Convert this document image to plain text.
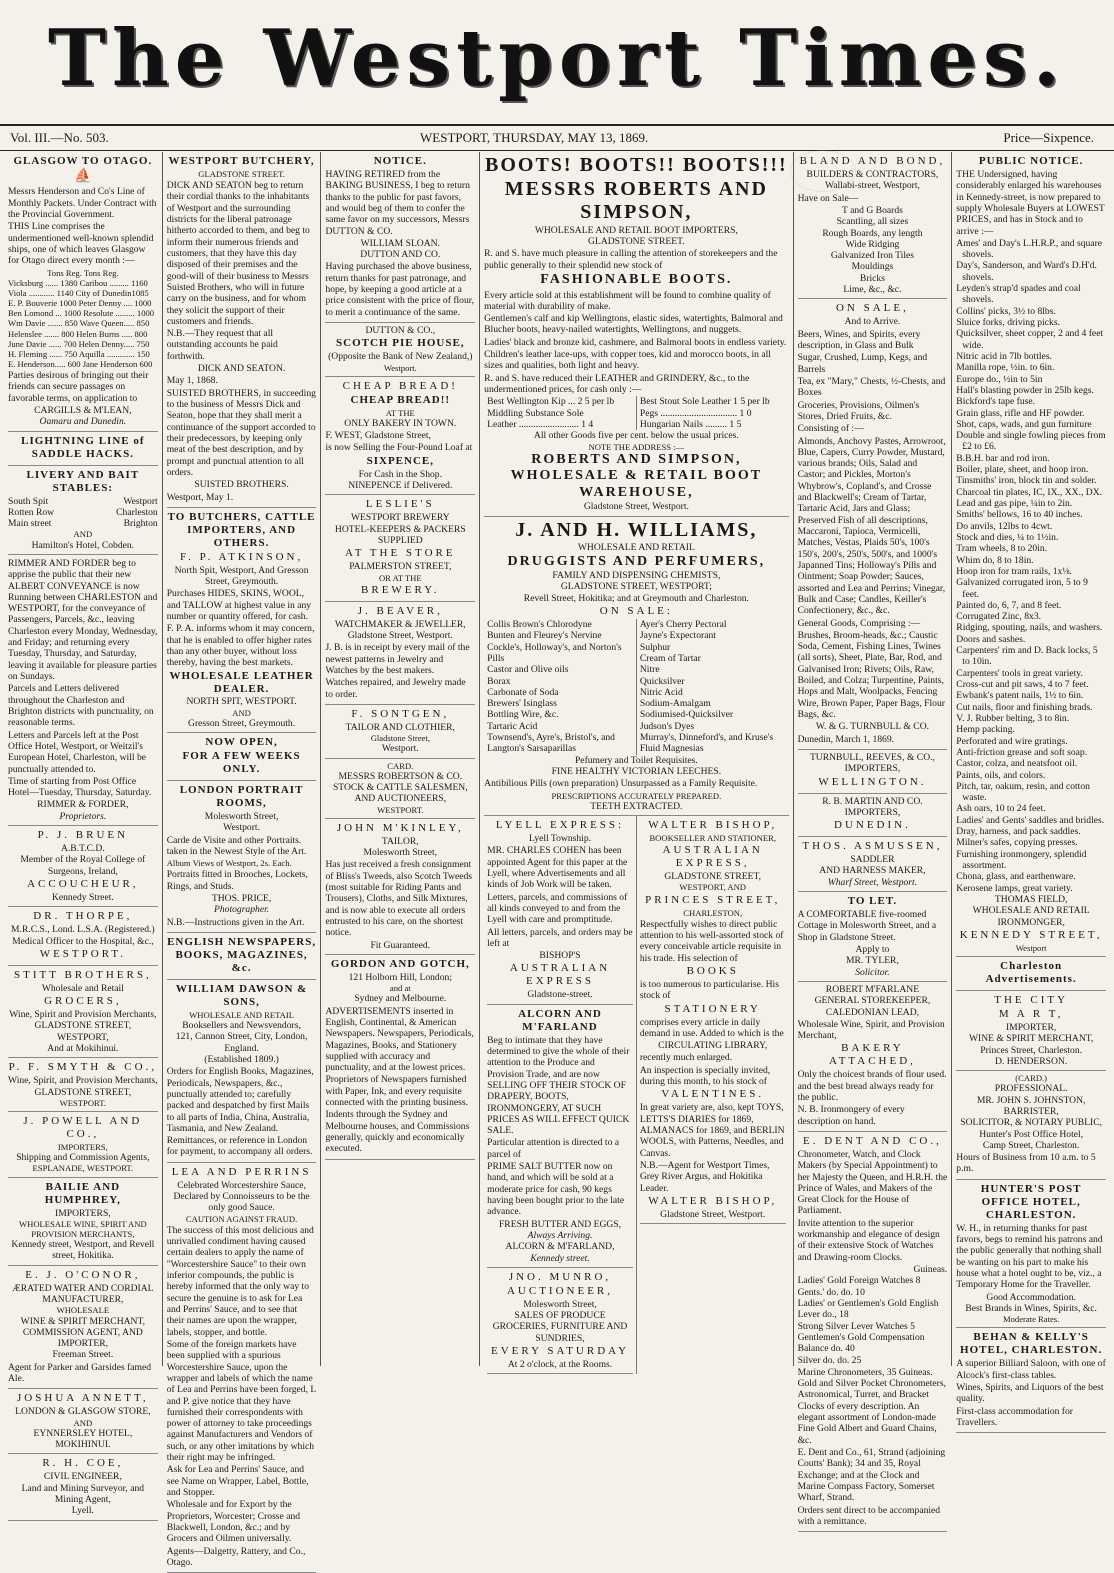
The Westport Times.
Vol. III.—No. 503.	WESTPORT, THURSDAY, MAY 13, 1869.	Price—Sixpence.
GLASGOW TO OTAGO.
⛵
Messrs Henderson and Co's Line of Monthly Packets. Under Contract with the Provincial Government.
THIS Line comprises the undermentioned well-known splendid ships, one of which leaves Glasgow for Otago direct every month :—
Tons Reg. Tons Reg.
Vicksburg ...... 1380 Caribou ......... 1160
Viola ............ 1140 City of Dunedin1085
E. P. Bouverie 1000 Peter Denny .... 1000
Ben Lomond ... 1000 Resolute ......... 1000
Wm Davie ....... 850 Wave Queen..... 850
Helenslee ....... 800 Helen Burns ..... 800
June Davie ...... 700 Helen Denny..... 750
H. Fleming ...... 750 Aquilla ............. 150
E. Henderson..... 600 Jane Henderson 600
Parties desirous of bringing out their friends can secure passages on favorable terms, on application to
CARGILLS & M'LEAN,
Oamaru and Dunedin.
LIGHTNING LINE of SADDLE HACKS.
LIVERY AND BAIT STABLES:
South Spit	Westport
Rotten Row	Charleston
Main street	Brighton
AND
Hamilton's Hotel, Cobden.
RIMMER AND FORDER beg to apprise the public that their new ALBERT CONVEYANCE is now Running between CHARLESTON and WESTPORT, for the conveyance of Passengers, Parcels, &c., leaving Charleston every Monday, Wednesday, and Friday; and returning every Tuesday, Thursday, and Saturday, leaving it available for pleasure parties on Sundays.
Parcels and Letters delivered throughout the Charleston and Brighton districts with punctuality, on reasonable terms.
Letters and Parcels left at the Post Office Hotel, Westport, or Weitzil's European Hotel, Charleston, will be punctually attended to.
Time of starting from Post Office Hotel—Tuesday, Thursday, Saturday.
RIMMER & FORDER,
Proprietors.
P. J. BRUEN
A.B.T.C.D.
Member of the Royal College of Surgeons, Ireland,
ACCOUCHEUR,
Kennedy Street.
DR. THORPE,
M.R.C.S., Lond. L.S.A. (Registered.) Medical Officer to the Hospital, &c.,
WESTPORT.
STITT BROTHERS,
Wholesale and Retail
GROCERS,
Wine, Spirit and Provision Merchants,
GLADSTONE STREET, WESTPORT,
And at Mokihinui.
P. F. SMYTH & CO.,
Wine, Spirit, and Provision Merchants,
GLADSTONE STREET,
WESTPORT.
J. POWELL AND CO.,
IMPORTERS,
Shipping and Commission Agents,
ESPLANADE, WESTPORT.
BAILIE AND HUMPHREY,
IMPORTERS,
WHOLESALE WINE, SPIRIT AND PROVISION MERCHANTS,
Kennedy street, Westport, and Revell street, Hokitika.
E. J. O'CONOR,
ÆRATED WATER AND CORDIAL MANUFACTURER,
WHOLESALE
WINE & SPIRIT MERCHANT, COMMISSION AGENT, AND IMPORTER,
Freeman Street.
Agent for Parker and Garsides famed Ale.
JOSHUA ANNETT,
LONDON & GLASGOW STORE,
AND
EYNNERSLEY HOTEL,
MOKIHINUI.
R. H. COE,
CIVIL ENGINEER,
Land and Mining Surveyor, and
Mining Agent,
Lyell.
WESTPORT BUTCHERY,
GLADSTONE STREET.
DICK AND SEATON beg to return their cordial thanks to the inhabitants of Westport and the surrounding districts for the liberal patronage hitherto accorded to them, and beg to inform their numerous friends and customers, that they have this day disposed of their premises and the good-will of their business to Messrs Suisted Brothers, who will in future carry on the business, and for whom they solicit the support of their customers and friends.
N.B.—They request that all outstanding accounts be paid forthwith.
DICK AND SEATON.
May 1, 1868.
SUISTED BROTHERS, in succeeding to the business of Messrs Dick and Seaton, hope that they shall merit a continuance of the support accorded to their predecessors, by keeping only meat of the best description, and by prompt and punctual attention to all orders.
SUISTED BROTHERS.
Westport, May 1.
TO BUTCHERS, CATTLE IMPORTERS, AND OTHERS.
F. P. ATKINSON,
North Spit, Westport, And Gresson Street, Greymouth.
Purchases HIDES, SKINS, WOOL, and TALLOW at highest value in any number or quantity offered, for cash.
F. P. A. informs whom it may concern, that he is enabled to offer higher rates than any other buyer, without loss thereby, having the best markets.
WHOLESALE LEATHER DEALER.
NORTH SPIT, WESTPORT.
AND
Gresson Street, Greymouth.
NOW OPEN,
FOR A FEW WEEKS ONLY.
LONDON PORTRAIT ROOMS,
Molesworth Street,
Westport.
Carde de Visite and other Portraits. taken in the Newest Style of the Art.
Album Views of Westport, 2s. Each.
Portraits fitted in Brooches, Lockets, Rings, and Studs.
THOS. PRICE,
Photographer.
N.B.—Instructions given in the Art.
ENGLISH NEWSPAPERS, BOOKS, MAGAZINES, &c.
WILLIAM DAWSON & SONS,
WHOLESALE AND RETAIL
Booksellers and Newsvendors,
121, Cannon Street, City, London, England.
(Established 1809.)
Orders for English Books, Magazines, Periodicals, Newspapers, &c., punctually attended to; carefully packed and despatched by first Mails to all parts of India, China, Australia, Tasmania, and New Zealand.
Remittances, or reference in London for payment, to accompany all orders.
LEA AND PERRINS
Celebrated Worcestershire Sauce, Declared by Connoisseurs to be the only good Sauce.
CAUTION AGAINST FRAUD.
The success of this most delicious and unrivalled condiment having caused certain dealers to apply the name of "Worcestershire Sauce" to their own inferior compounds, the public is hereby informed that the only way to secure the genuine is to ask for Lea and Perrins' Sauce, and to see that their names are upon the wrapper, labels, stopper, and bottle.
Some of the foreign markets have been supplied with a spurious Worcestershire Sauce, upon the wrapper and labels of which the name of Lea and Perrins have been forged, L and P. give notice that they have furnished their correspondents with power of attorney to take proceedings against Manufacturers and Vendors of such, or any other imitations by which their right may be infringed.
Ask for Lea and Perrins' Sauce, and see Name on Wrapper, Label, Bottle, and Stopper.
Wholesale and for Export by the Proprietors, Worcester; Crosse and Blackwell, London, &c.; and by Grocers and Oilmen universally.
Agents—Dalgetty, Rattery, and Co., Otago.
NOTICE.
HAVING RETIRED from the BAKING BUSINESS, I beg to return thanks to the public for past favors, and would beg of them to confer the same favor on my successors, Messrs DUTTON & CO.
WILLIAM SLOAN.
DUTTON AND CO.
Having purchased the above business, return thanks for past patronage, and hope, by keeping a good article at a price consistent with the price of flour, to merit a continuance of the same.
DUTTON & CO.,
SCOTCH PIE HOUSE,
(Opposite the Bank of New Zealand,)
Westport.
CHEAP BREAD!
CHEAP BREAD!!
AT THE
ONLY BAKERY IN TOWN.
F. WEST, Gladstone Street,
is now Selling the Four-Pound Loaf at
SIXPENCE,
For Cash in the Shop.
NINEPENCE if Delivered.
LESLIE'S
WESTPORT BREWERY
HOTEL-KEEPERS & PACKERS
SUPPLIED
AT THE STORE
PALMERSTON STREET,
OR AT THE
BREWERY.
J. BEAVER,
WATCHMAKER & JEWELLER,
Gladstone Street, Westport.
J. B. is in receipt by every mail of the newest patterns in Jewelry and Watches by the best makers.
Watches repaired, and Jewelry made to order.
F. SONTGEN,
TAILOR AND CLOTHIER,
Gladstone Street,
Westport.
CARD.
MESSRS ROBERTSON & CO.
STOCK & CATTLE SALESMEN,
AND AUCTIONEERS,
WESTPORT.
JOHN M'KINLEY,
TAILOR,
Molesworth Street,
Has just received a fresh consignment of Bliss's Tweeds, also Scotch Tweeds (most suitable for Riding Pants and Trousers), Cloths, and Silk Mixtures, and is now able to execute all orders entrusted to his care, on the shortest notice.
Fit Guaranteed.
GORDON AND GOTCH,
121 Holborn Hill, London;
and at
Sydney and Melbourne.
ADVERTISEMENTS inserted in English, Continental, & American Newspapers. Newspapers, Periodicals, Magazines, Books, and Stationery supplied with accuracy and punctuality, and at the lowest prices.
Proprietors of Newspapers furnished with Paper, Ink, and every requisite connected with the printing business.
Indents through the Sydney and Melbourne houses, and Commissions generally, quickly and economically executed.
BOOTS! BOOTS!! BOOTS!!!
MESSRS ROBERTS AND SIMPSON,
WHOLESALE AND RETAIL BOOT IMPORTERS,
GLADSTONE STREET.
R. and S. have much pleasure in calling the attention of storekeepers and the public generally to their splendid new stock of
FASHIONABLE BOOTS.
Every article sold at this establishment will be found to combine quality of material with durability of make.
Gentlemen's calf and kip Wellingtons, elastic sides, watertights, Balmoral and Blucher boots, heavy-nailed watertights, Wellingtons, and nuggets.
Ladies' black and bronze kid, cashmere, and Balmoral boots in endless variety.
Children's leather lace-ups, with copper toes, kid and morocco boots, in all sizes and qualities, both light and heavy.
R. and S. have reduced their LEATHER and GRINDERY, &c., to the undermentioned prices, for cash only :—
Best Wellington Kip ... 2 5 per lb
Middling Substance Sole
Leather ......................... 1 4
Best Stout Sole Leather 1 5 per lb
Pegs ................................ 1 0
Hungarian Nails ......... 1 5
All other Goods five per cent. below the usual prices.
NOTE THE ADDRESS :—
ROBERTS AND SIMPSON,
WHOLESALE & RETAIL BOOT WAREHOUSE,
Gladstone Street, Westport.
J. AND H. WILLIAMS,
WHOLESALE AND RETAIL
DRUGGISTS AND PERFUMERS,
FAMILY AND DISPENSING CHEMISTS,
GLADSTONE STREET, WESTPORT;
Revell Street, Hokitika; and at Greymouth and Charleston.
ON SALE:
Collis Brown's Chlorodyne
Bunten and Fleurey's Nervine
Cockle's, Holloway's, and Norton's Pills
Castor and Olive oils
Borax
Carbonate of Soda
Brewers' Isinglass
Bottling Wire, &c.
Tartaric Acid
Townsend's, Ayre's, Bristol's, and Langton's Sarsaparillas
Ayer's Cherry Pectoral
Jayne's Expectorant
Sulphur
Cream of Tartar
Nitre
Quicksilver
Nitric Acid
Sodium-Amalgam
Sodiumised-Quicksilver
Judson's Dyes
Murray's, Dinneford's, and Kruse's Fluid Magnesias
Pefumery and Toilet Requisites.
FINE HEALTHY VICTORIAN LEECHES.
Antibilious Pills (own preparation) Unsurpassed as a Family Requisite.
PRESCRIPTIONS ACCURATELY PREPARED.
TEETH EXTRACTED.
LYELL EXPRESS:
Lyell Township.
MR. CHARLES COHEN has been appointed Agent for this paper at the Lyell, where Advertisements and all kinds of Job Work will be taken.
Letters, parcels, and commissions of all kinds conveyed to and from the Lyell with care and promptitude.
All letters, parcels, and orders may be left at
BISHOP'S
AUSTRALIAN EXPRESS
Gladstone-street.
ALCORN AND M'FARLAND
Beg to intimate that they have determined to give the whole of their attention to the Produce and Provision Trade, and are now SELLING OFF THEIR STOCK OF DRAPERY, BOOTS, IRONMONGERY, AT SUCH PRICES AS WILL EFFECT QUICK SALE.
Particular attention is directed to a parcel of
PRIME SALT BUTTER now on hand, and which will be sold at a moderate price for cash, 90 kegs having been bought prior to the late advance.
FRESH BUTTER AND EGGS,
Always Arriving.
ALCORN & M'FARLAND,
Kennedy street.
JNO. MUNRO,
AUCTIONEER,
Molesworth Street,
SALES OF PRODUCE GROCERIES, FURNITURE AND SUNDRIES,
EVERY SATURDAY
At 2 o'clock, at the Rooms.
WALTER BISHOP,
BOOKSELLER AND STATIONER,
AUSTRALIAN EXPRESS,
GLADSTONE STREET,
WESTPORT, AND
PRINCES STREET,
CHARLESTON,
Respectfully wishes to direct public attention to his well-assorted stock of every conceivable article requisite in his trade. His selection of
BOOKS
is too numerous to particularise. His stock of
STATIONERY
comprises every article in daily demand in use. Added to which is the
CIRCULATING LIBRARY,
recently much enlarged.
An inspection is specially invited, during this month, to his stock of
VALENTINES.
In great variety are, also, kept TOYS, LETTS'S DIARIES for 1869, ALMANACS for 1869, and BERLIN WOOLS, with Patterns, Needles, and Canvas.
N.B.—Agent for Westport Times, Grey River Argus, and Hokitika Leader.
WALTER BISHOP,
Gladstone Street, Westport.
BLAND AND BOND,
BUILDERS & CONTRACTORS,
Wallabi-street, Westport,
Have on Sale—
T and G Boards
Scantling, all sizes
Rough Boards, any length
Wide Ridging
Galvanized Iron Tiles
Mouldings
Bricks
Lime, &c., &c.
ON SALE,
And to Arrive.
Beers, Wines, and Spirits, every description, in Glass and Bulk
Sugar, Crushed, Lump, Kegs, and Barrels
Tea, ex "Mary," Chests, ½-Chests, and Boxes
Groceries, Provisions, Oilmen's Stores, Dried Fruits, &c.
Consisting of :—
Almonds, Anchovy Pastes, Arrowroot, Blue, Capers, Curry Powder, Mustard, various brands; Oils, Salad and Castor; and Pickles, Morton's Whybrow's, Copland's, and Crosse and Blackwell's; Cream of Tartar, Tartaric Acid, Jars and Glass; Preserved Fish of all descriptions, Maccaroni, Tapioca, Vermicelli, Matches, Vestas, Plaids 50's, 100's 150's, 200's, 250's, 500's, and 1000's Japanned Tins; Holloway's Pills and Ointment; Soap Powder; Sauces, assorted and Lea and Perrins; Vinegar, Bulk and Case; Candles, Keiller's Confectionery, &c., &c.
General Goods, Comprising :—
Brushes, Broom-heads, &c.; Caustic Soda, Cement, Fishing Lines, Twines (all sorts), Sheet, Plate, Bar, Rod, and Galvanised Iron; Rivets; Oils, Raw, Boiled, and Colza; Turpentine, Paints, Hops and Malt, Woolpacks, Fencing Wire, Brown Paper, Paper Bags, Flour Bags, &c.
W. & G. TURNBULL & CO.
Dunedin, March 1, 1869.
TURNBULL, REEVES, & CO.,
IMPORTERS,
WELLINGTON.
R. B. MARTIN AND CO.
IMPORTERS,
DUNEDIN.
THOS. ASMUSSEN,
SADDLER
AND HARNESS MAKER,
Wharf Street, Westport.
TO LET.
A COMFORTABLE five-roomed Cottage in Molesworth Street, and a Shop in Gladstone Street.
Apply to
MR. TYLER,
Solicitor.
ROBERT M'FARLANE
GENERAL STOREKEEPER,
CALEDONIAN LEAD,
Wholesale Wine, Spirit, and Provision Merchant,
BAKERY ATTACHED,
Only the choicest brands of flour used. and the best bread always ready for the public.
N. B. Ironmongery of every description on hand.
E. DENT AND CO.,
Chronometer, Watch, and Clock Makers (by Special Appointment) to her Majesty the Queen, and H.R.H. the Prince of Wales, and Makers of the Great Clock for the House of Parliament.
Invite attention to the superior workmanship and elegance of design of their extensive Stock of Watches and Drawing-room Clocks.
Guineas.
Ladies' Gold Foreign Watches 8
Gents.' do. do. 10
Ladies' or Gentlemen's Gold English Lever do., 18
Strong Silver Lever Watches 5
Gentlemen's Gold Compensation Balance do. 40
Silver do. do. 25
Marine Chronometers, 35 Guineas. Gold and Silver Pocket Chronometers, Astronomical, Turret, and Bracket Clocks of every description. An elegant assortment of London-made Fine Gold Albert and Guard Chains, &c.
E. Dent and Co., 61, Strand (adjoining Coutts' Bank); 34 and 35, Royal Exchange; and at the Clock and Marine Compass Factory, Somerset Wharf, Strand.
Orders sent direct to be accompanied with a remittance.
PUBLIC NOTICE.
THE Undersigned, having considerably enlarged his warehouses in Kennedy-street, is now prepared to supply Wholesale Buyers at LOWEST PRICES, and has in Stock and to arrive :—
Ames' and Day's L.H.R.P., and square shovels.
Day's, Sanderson, and Ward's D.H'd. shovels.
Leyden's strap'd spades and coal shovels.
Collins' picks, 3½ to 8lbs.
Sluice forks, driving picks.
Quicksilver, sheet copper, 2 and 4 feet wide.
Nitric acid in 7lb bottles.
Manilla rope, ½in. to 6in.
Europe do., ½in to 5in
Hall's blasting powder in 25lb kegs.
Bickford's tape fuse.
Grain glass, rifle and HF powder.
Shot, caps, wads, and gun furniture
Double and single fowling pieces from £2 to £6.
B.B.H. bar and rod iron.
Boiler, plate, sheet, and hoop iron.
Tinsmiths' iron, block tin and solder.
Charcoal tin plates, IC, IX., XX., DX.
Lead and gas pipe, ¼in to 2in.
Smiths' bellows, 16 to 40 inches.
Do anvils, 12lbs to 4cwt.
Stock and dies, ¼ to 1½in.
Tram wheels, 8 to 20in.
Whim do, 8 to 18in.
Hoop iron for tram rails, 1x⅛.
Galvanized corrugated iron, 5 to 9 feet.
Painted do, 6, 7, and 8 feet.
Corrugated Zinc, 8x3.
Ridging, spouting, nails, and washers.
Doors and sashes.
Carpenters' rim and D. Back locks, 5 to 10in.
Carpenters' tools in great variety.
Cross-cut and pit saws, 4 to 7 feet.
Ewbank's patent nails, 1½ to 6in.
Cut nails, floor and finishing brads.
V. J. Rubber belting, 3 to 8in.
Hemp packing.
Perforated and wire gratings.
Anti-friction grease and soft soap.
Castor, colza, and neatsfoot oil.
Paints, oils, and colors.
Pitch, tar, oakum, resin, and cotton waste.
Ash oars, 10 to 24 feet.
Ladies' and Gents' saddles and bridles.
Dray, harness, and pack saddles.
Milner's safes, copying presses.
Furnishing ironmongery, splendid assortment.
Chona, glass, and earthenware.
Kerosene lamps, great variety.
THOMAS FIELD,
WHOLESALE AND RETAIL IRONMONGER,
KENNEDY STREET,
Westport
Charleston Advertisements.
THE CITY
M A R T,
IMPORTER,
WINE & SPIRIT MERCHANT,
Princes Street, Charleston.
D. HENDERSON.
(CARD.)
PROFESSIONAL.
MR. JOHN S. JOHNSTON,
BARRISTER,
SOLICITOR, & NOTARY PUBLIC,
Hunter's Post Office Hotel,
Camp Street, Charleston.
Hours of Business from 10 a.m. to 5 p.m.
HUNTER'S POST OFFICE HOTEL, CHARLESTON.
W. H., in returning thanks for past favors, begs to remind his patrons and the public generally that nothing shall be wanting on his part to make his house what a hotel ought to be, viz., a Temporary Home for the Traveller.
Good Accommodation.
Best Brands in Wines, Spirits, &c.
Moderate Rates.
BEHAN & KELLY'S HOTEL, CHARLESTON.
A superior Billiard Saloon, with one of Alcock's first-class tables.
Wines, Spirits, and Liquors of the best quality.
First-class accommodation for Travellers.
